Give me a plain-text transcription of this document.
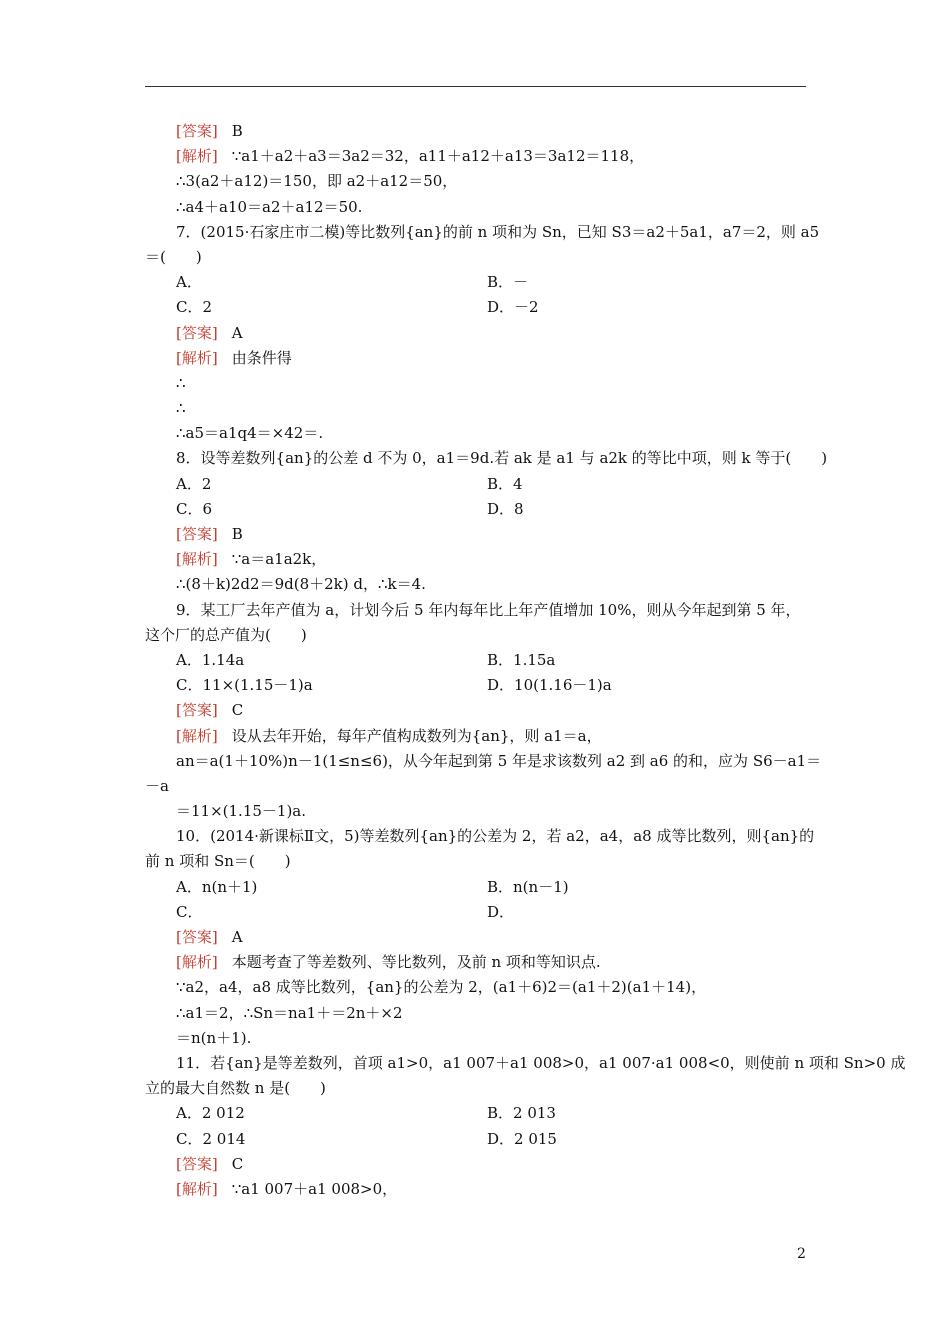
[答案] B
[解析] ∵a1＋a2＋a3＝3a2＝32，a11＋a12＋a13＝3a12＝118，
∴3(a2＋a12)＝150，即 a2＋a12＝50，
∴a4＋a10＝a2＋a12＝50.
7．(2015·石家庄市二模)等比数列{an}的前 n 项和为 Sn，已知 S3＝a2＋5a1，a7＝2，则 a5
＝(　　)
A．	B．－
C．2	D．－2
[答案] A
[解析] 由条件得
∴
∴
∴a5＝a1q4＝×42＝.
8．设等差数列{an}的公差 d 不为 0，a1＝9d.若 ak 是 a1 与 a2k 的等比中项，则 k 等于(　　)
A．2	B．4
C．6	D．8
[答案] B
[解析] ∵a＝a1a2k，
∴(8＋k)2d2＝9d(8＋2k) d，∴k＝4.
9．某工厂去年产值为 a，计划今后 5 年内每年比上年产值增加 10%，则从今年起到第 5 年，
这个厂的总产值为(　　)
A．1.14a	B．1.15a
C．11×(1.15－1)a	D．10(1.16－1)a
[答案] C
[解析] 设从去年开始，每年产值构成数列为{an}，则 a1＝a，
an＝a(1＋10%)n－1(1≤n≤6)，从今年起到第 5 年是求该数列 a2 到 a6 的和，应为 S6－a1＝
－a
＝11×(1.15－1)a.
10．(2014·新课标Ⅱ文，5)等差数列{an}的公差为 2，若 a2，a4，a8 成等比数列，则{an}的
前 n 项和 Sn＝(　　)
A．n(n＋1)	B．n(n－1)
C．	D．
[答案] A
[解析] 本题考查了等差数列、等比数列，及前 n 项和等知识点.
∵a2，a4，a8 成等比数列，{an}的公差为 2，(a1＋6)2＝(a1＋2)(a1＋14)，
∴a1＝2，∴Sn＝na1＋＝2n＋×2
＝n(n＋1).
11．若{an}是等差数列，首项 a1>0，a1 007＋a1 008>0，a1 007·a1 008<0，则使前 n 项和 Sn>0 成
立的最大自然数 n 是(　　)
A．2 012	B．2 013
C．2 014	D．2 015
[答案] C
[解析] ∵a1 007＋a1 008>0，
2
